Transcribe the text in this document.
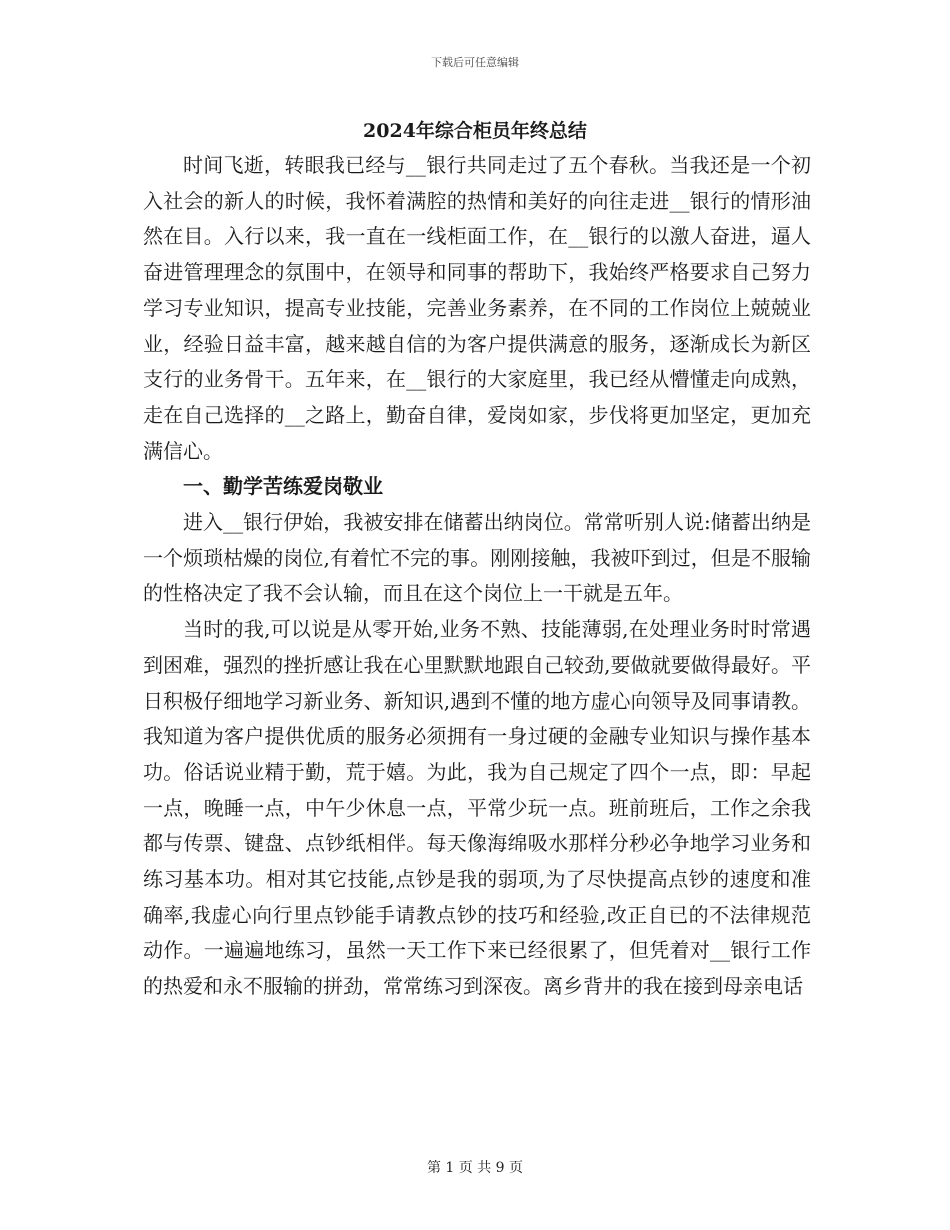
下载后可任意编辑
2024年综合柜员年终总结

时间飞逝，转眼我已经与__银行共同走过了五个春秋。当我还是一个初入社会的新人的时候，我怀着满腔的热情和美好的向往走进__银行的情形油然在目。入行以来，我一直在一线柜面工作，在__银行的以激人奋进，逼人奋进管理理念的氛围中，在领导和同事的帮助下，我始终严格要求自己努力学习专业知识，提高专业技能，完善业务素养，在不同的工作岗位上兢兢业业，经验日益丰富，越来越自信的为客户提供满意的服务，逐渐成长为新区支行的业务骨干。五年来，在__银行的大家庭里，我已经从懵懂走向成熟，走在自己选择的__之路上，勤奋自律，爱岗如家，步伐将更加坚定，更加充满信心。

一、勤学苦练爱岗敬业

进入__银行伊始，我被安排在储蓄出纳岗位。常常听别人说:储蓄出纳是一个烦琐枯燥的岗位,有着忙不完的事。刚刚接触，我被吓到过，但是不服输的性格决定了我不会认输，而且在这个岗位上一干就是五年。

当时的我,可以说是从零开始,业务不熟、技能薄弱,在处理业务时时常遇到困难，强烈的挫折感让我在心里默默地跟自己较劲,要做就要做得最好。平日积极仔细地学习新业务、新知识,遇到不懂的地方虚心向领导及同事请教。我知道为客户提供优质的服务必须拥有一身过硬的金融专业知识与操作基本功。俗话说业精于勤，荒于嬉。为此，我为自己规定了四个一点，即：早起一点，晚睡一点，中午少休息一点，平常少玩一点。班前班后，工作之余我都与传票、键盘、点钞纸相伴。每天像海绵吸水那样分秒必争地学习业务和练习基本功。相对其它技能,点钞是我的弱项,为了尽快提高点钞的速度和准确率,我虚心向行里点钞能手请教点钞的技巧和经验,改正自已的不法律规范动作。一遍遍地练习，虽然一天工作下来已经很累了，但凭着对__银行工作的热爱和永不服输的拼劲，常常练习到深夜。离乡背井的我在接到母亲电话

第 1 页 共 9 页
